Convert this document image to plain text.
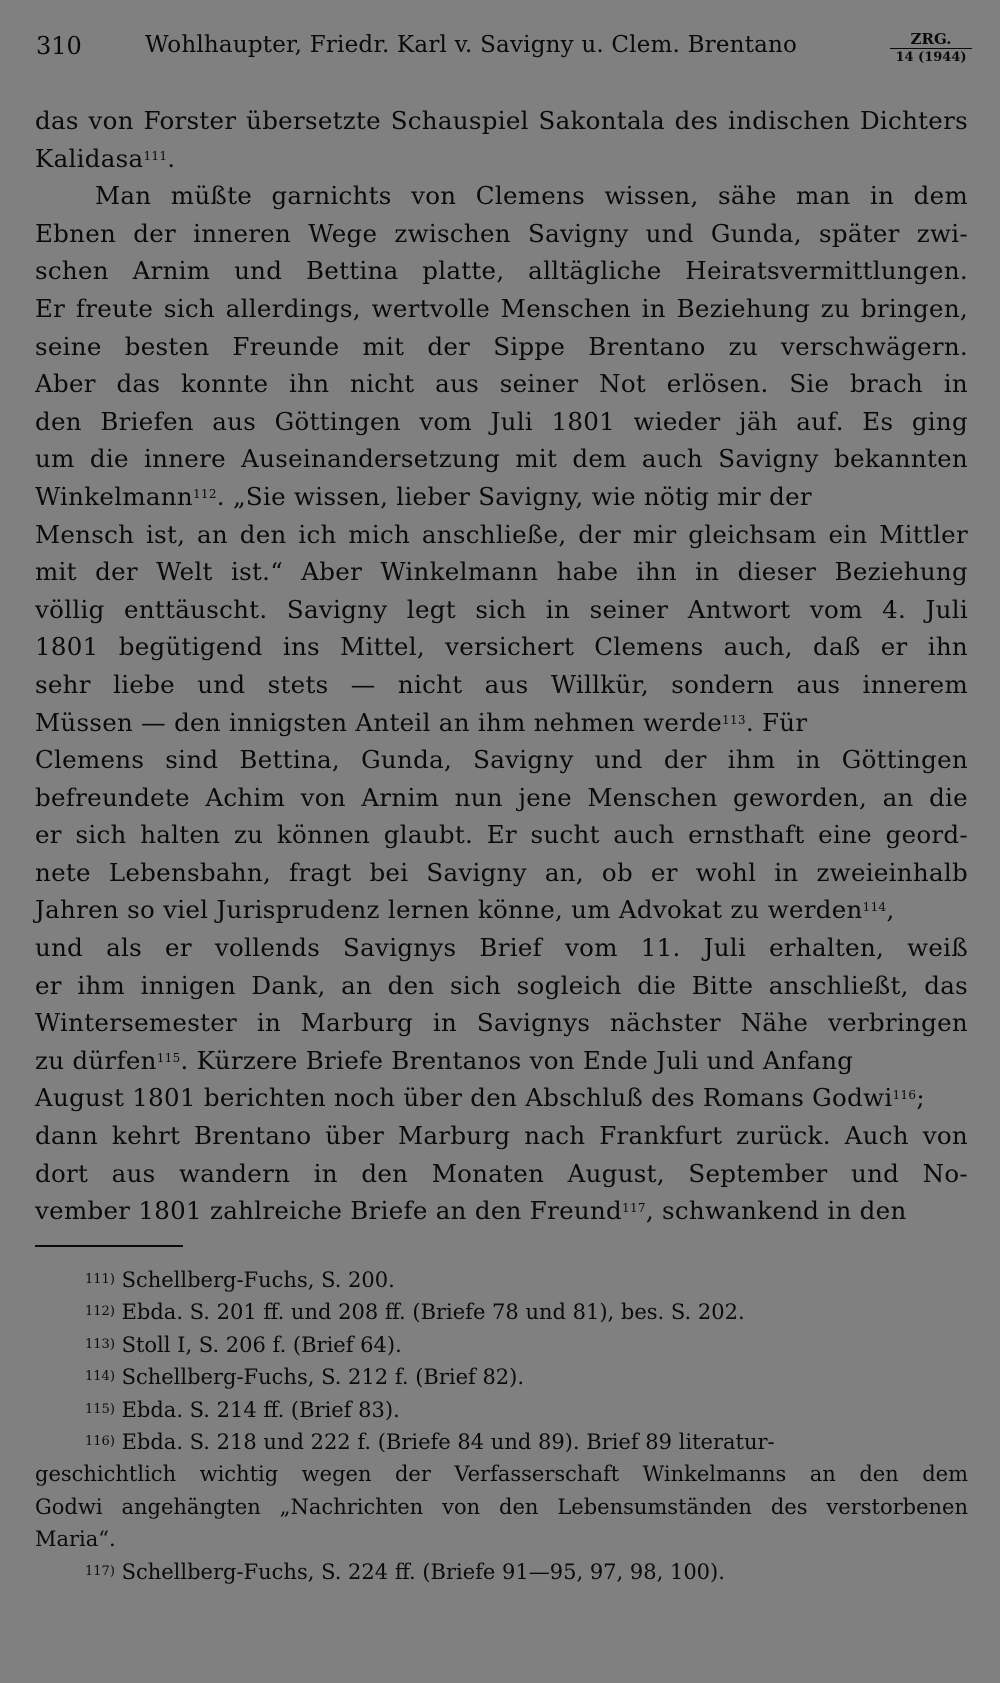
310	Wohlhaupter, Friedr. Karl v. Savigny u. Clem. Brentano	ZRG.
14 (1944)
das von Forster übersetzte Schauspiel Sakontala des indischen Dichters
Kalidasa$^{111}$.
Man müßte garnichts von Clemens wissen, sähe man in dem
Ebnen der inneren Wege zwischen Savigny und Gunda, später zwi-
schen Arnim und Bettina platte, alltägliche Heiratsvermittlungen.
Er freute sich allerdings, wertvolle Menschen in Beziehung zu bringen,
seine besten Freunde mit der Sippe Brentano zu verschwägern.
Aber das konnte ihn nicht aus seiner Not erlösen. Sie brach in
den Briefen aus Göttingen vom Juli 1801 wieder jäh auf. Es ging
um die innere Auseinandersetzung mit dem auch Savigny bekannten
Winkelmann$^{112}$. „Sie wissen, lieber Savigny, wie nötig mir der
Mensch ist, an den ich mich anschließe, der mir gleichsam ein Mittler
mit der Welt ist.“ Aber Winkelmann habe ihn in dieser Beziehung
völlig enttäuscht. Savigny legt sich in seiner Antwort vom 4. Juli
1801 begütigend ins Mittel, versichert Clemens auch, daß er ihn
sehr liebe und stets — nicht aus Willkür, sondern aus innerem
Müssen — den innigsten Anteil an ihm nehmen werde$^{113}$. Für
Clemens sind Bettina, Gunda, Savigny und der ihm in Göttingen
befreundete Achim von Arnim nun jene Menschen geworden, an die
er sich halten zu können glaubt. Er sucht auch ernsthaft eine geord-
nete Lebensbahn, fragt bei Savigny an, ob er wohl in zweieinhalb
Jahren so viel Jurisprudenz lernen könne, um Advokat zu werden$^{114}$,
und als er vollends Savignys Brief vom 11. Juli erhalten, weiß
er ihm innigen Dank, an den sich sogleich die Bitte anschließt, das
Wintersemester in Marburg in Savignys nächster Nähe verbringen
zu dürfen$^{115}$. Kürzere Briefe Brentanos von Ende Juli und Anfang
August 1801 berichten noch über den Abschluß des Romans Godwi$^{116}$;
dann kehrt Brentano über Marburg nach Frankfurt zurück. Auch von
dort aus wandern in den Monaten August, September und No-
vember 1801 zahlreiche Briefe an den Freund$^{117}$, schwankend in den
$^{111)}$ Schellberg-Fuchs, S. 200.
$^{112)}$ Ebda. S. 201 ff. und 208 ff. (Briefe 78 und 81), bes. S. 202.
$^{113)}$ Stoll I, S. 206 f. (Brief 64).
$^{114)}$ Schellberg-Fuchs, S. 212 f. (Brief 82).
$^{115)}$ Ebda. S. 214 ff. (Brief 83).
$^{116)}$ Ebda. S. 218 und 222 f. (Briefe 84 und 89). Brief 89 literatur-
geschichtlich wichtig wegen der Verfasserschaft Winkelmanns an den dem
Godwi angehängten „Nachrichten von den Lebensumständen des verstorbenen
Maria“.
$^{117)}$ Schellberg-Fuchs, S. 224 ff. (Briefe 91—95, 97, 98, 100).
